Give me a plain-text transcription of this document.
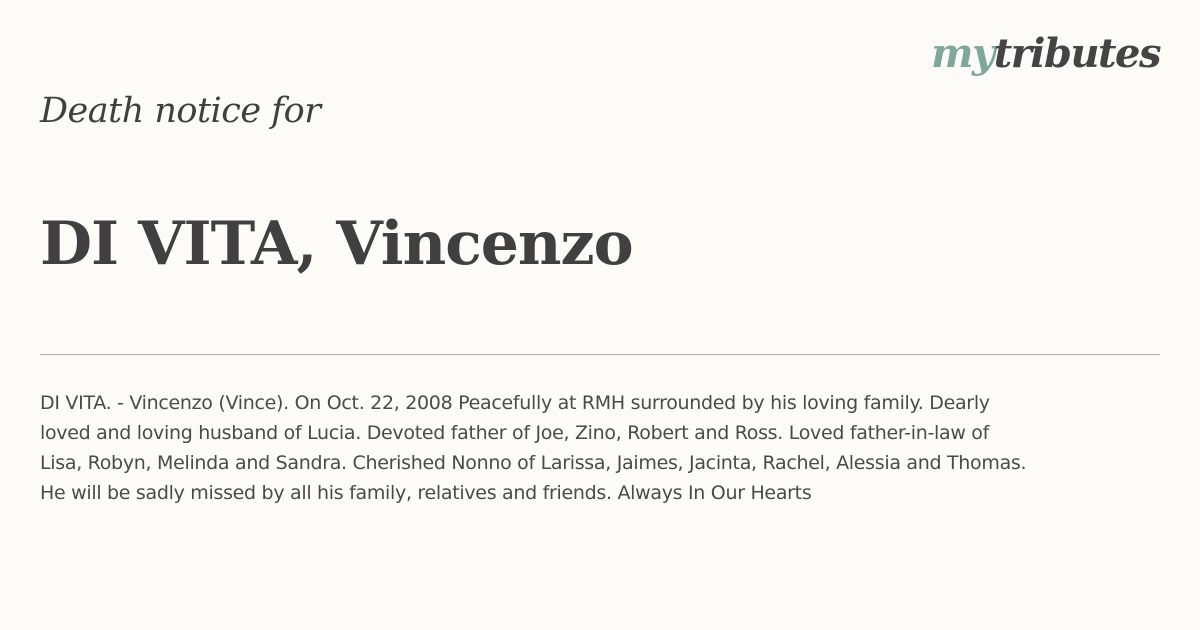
mytributes
Death notice for
DI VITA, Vincenzo

DI VITA. - Vincenzo (Vince). On Oct. 22, 2008 Peacefully at RMH surrounded by his loving family. Dearly
loved and loving husband of Lucia. Devoted father of Joe, Zino, Robert and Ross. Loved father-in-law of
Lisa, Robyn, Melinda and Sandra. Cherished Nonno of Larissa, Jaimes, Jacinta, Rachel, Alessia and Thomas.
He will be sadly missed by all his family, relatives and friends. Always In Our Hearts
